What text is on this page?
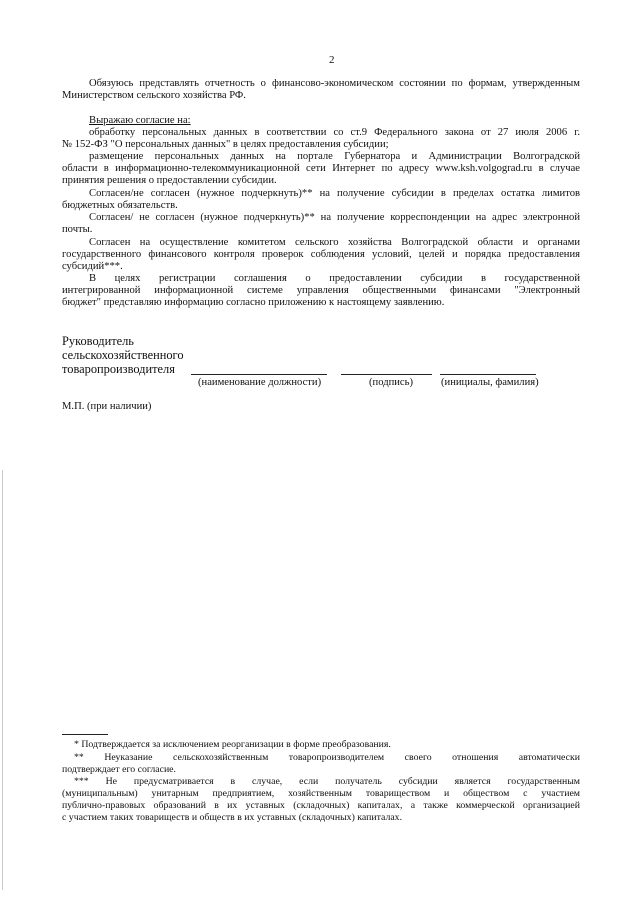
2

Обязуюсь представлять отчетность о финансово-экономическом состоянии по формам, утвержденным

Министерством сельского хозяйства РФ.

Выражаю согласие на:

обработку персональных данных в соответствии со ст.9 Федерального закона от 27 июля 2006 г.

№ 152-ФЗ "О персональных данных" в целях предоставления субсидии;

размещение персональных данных на портале Губернатора и Администрации Волгоградской

области в информационно-телекоммуникационной сети Интернет по адресу www.ksh.volgograd.ru в случае

принятия решения о предоставлении субсидии.

Согласен/не согласен (нужное подчеркнуть)** на получение субсидии в пределах остатка лимитов

бюджетных обязательств.

Согласен/ не согласен (нужное подчеркнуть)** на получение корреспонденции на адрес электронной

почты.

Согласен на осуществление комитетом сельского хозяйства Волгоградской области и органами

государственного финансового контроля проверок соблюдения условий, целей и порядка предоставления

субсидий***.

В целях регистрации соглашения о предоставлении субсидии в государственной

интегрированной информационной системе управления общественными финансами "Электронный

бюджет" представляю информацию согласно приложению к настоящему заявлению.

Руководитель
сельскохозяйственного
товаропроизводителя
(наименование должности)	(подпись)	(инициалы, фамилия)
М.П. (при наличии)

* Подтверждается за исключением реорганизации в форме преобразования.

** Неуказание сельскохозяйственным товаропроизводителем своего отношения автоматически

подтверждает его согласие.

*** Не предусматривается в случае, если получатель субсидии является государственным

(муниципальным) унитарным предприятием, хозяйственным товариществом и обществом с участием

публично-правовых образований в их уставных (складочных) капиталах, а также коммерческой организацией

с участием таких товариществ и обществ в их уставных (складочных) капиталах.
